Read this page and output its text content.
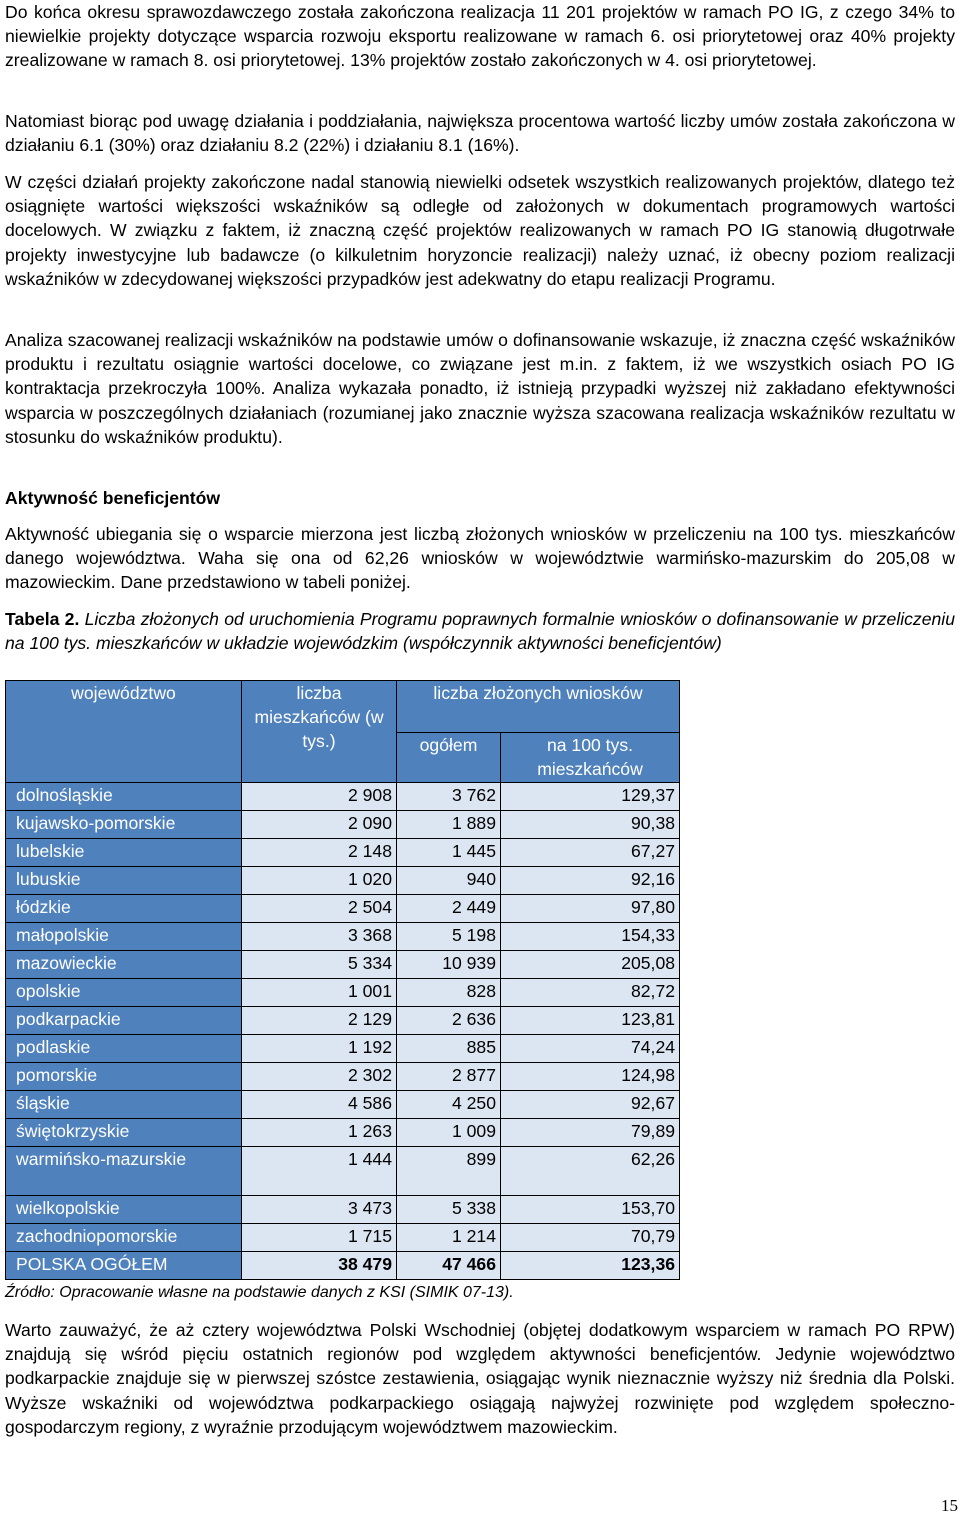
Do końca okresu sprawozdawczego została zakończona realizacja 11 201 projektów w ramach PO IG, z czego 34% to niewielkie projekty dotyczące wsparcia rozwoju eksportu realizowane w ramach 6. osi priorytetowej oraz 40% projekty zrealizowane w ramach 8. osi priorytetowej. 13% projektów zostało zakończonych w 4. osi priorytetowej.

Natomiast biorąc pod uwagę działania i poddziałania, największa procentowa wartość liczby umów została zakończona w działaniu 6.1 (30%) oraz działaniu 8.2 (22%) i działaniu 8.1 (16%).

W części działań projekty zakończone nadal stanowią niewielki odsetek wszystkich realizowanych projektów, dlatego też osiągnięte wartości większości wskaźników są odległe od założonych w dokumentach programowych wartości docelowych. W związku z faktem, iż znaczną część projektów realizowanych w ramach PO IG stanowią długotrwałe projekty inwestycyjne lub badawcze (o kilkuletnim horyzoncie realizacji) należy uznać, iż obecny poziom realizacji wskaźników w zdecydowanej większości przypadków jest adekwatny do etapu realizacji Programu.

Analiza szacowanej realizacji wskaźników na podstawie umów o dofinansowanie wskazuje, iż znaczna część wskaźników produktu i rezultatu osiągnie wartości docelowe, co związane jest m.in. z faktem, iż we wszystkich osiach PO IG kontraktacja przekroczyła 100%. Analiza wykazała ponadto, iż istnieją przypadki wyższej niż zakładano efektywności wsparcia w poszczególnych działaniach (rozumianej jako znacznie wyższa szacowana realizacja wskaźników rezultatu w stosunku do wskaźników produktu).

Aktywność beneficjentów

Aktywność ubiegania się o wsparcie mierzona jest liczbą złożonych wniosków w przeliczeniu na 100 tys. mieszkańców danego województwa. Waha się ona od 62,26 wniosków w województwie warmińsko-mazurskim do 205,08 w mazowieckim. Dane przedstawiono w tabeli poniżej.

Tabela 2. Liczba złożonych od uruchomienia Programu poprawnych formalnie wniosków o dofinansowanie w przeliczeniu na 100 tys. mieszkańców w układzie wojewódzkim (współczynnik aktywności beneficjentów)

województwo	liczba mieszkańców (w tys.)	liczba złożonych wniosków	
		ogółem	na 100 tys. mieszkańców
dolnośląskie	2 908	3 762	129,37
kujawsko-pomorskie	2 090	1 889	90,38
lubelskie	2 148	1 445	67,27
lubuskie	1 020	940	92,16
łódzkie	2 504	2 449	97,80
małopolskie	3 368	5 198	154,33
mazowieckie	5 334	10 939	205,08
opolskie	1 001	828	82,72
podkarpackie	2 129	2 636	123,81
podlaskie	1 192	885	74,24
pomorskie	2 302	2 877	124,98
śląskie	4 586	4 250	92,67
świętokrzyskie	1 263	1 009	79,89
warmińsko-mazurskie	1 444	899	62,26
wielkopolskie	3 473	5 338	153,70
zachodniopomorskie	1 715	1 214	70,79
POLSKA OGÓŁEM	38 479	47 466	123,36

Źródło: Opracowanie własne na podstawie danych z KSI (SIMIK 07-13).

Warto zauważyć, że aż cztery województwa Polski Wschodniej (objętej dodatkowym wsparciem w ramach PO RPW) znajdują się wśród pięciu ostatnich regionów pod względem aktywności beneficjentów. Jedynie województwo podkarpackie znajduje się w pierwszej szóstce zestawienia, osiągając wynik nieznacznie wyższy niż średnia dla Polski. Wyższe wskaźniki od województwa podkarpackiego osiągają najwyżej rozwinięte pod względem społeczno-gospodarczym regiony, z wyraźnie przodującym województwem mazowieckim.

15
